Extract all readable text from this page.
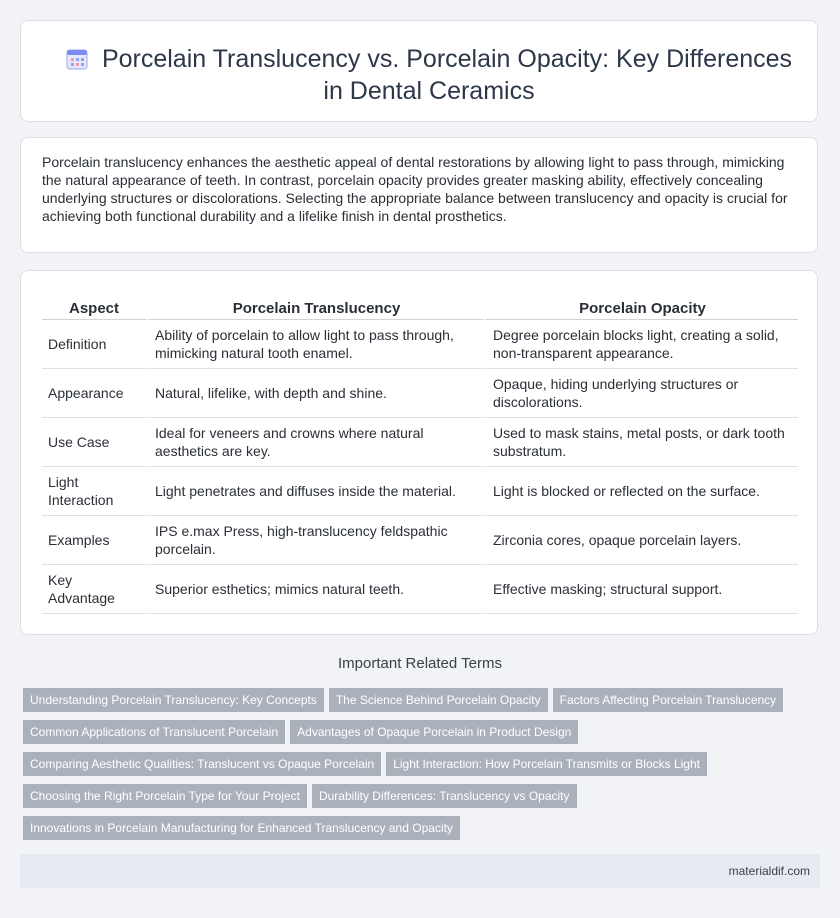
Porcelain Translucency vs. Porcelain Opacity: Key Differences in Dental Ceramics
Porcelain translucency enhances the aesthetic appeal of dental restorations by allowing light to pass through, mimicking the natural appearance of teeth. In contrast, porcelain opacity provides greater masking ability, effectively concealing underlying structures or discolorations. Selecting the appropriate balance between translucency and opacity is crucial for achieving both functional durability and a lifelike finish in dental prosthetics.
Aspect	Porcelain Translucency	Porcelain Opacity
Definition	Ability of porcelain to allow light to pass through, mimicking natural tooth enamel.	Degree porcelain blocks light, creating a solid, non-transparent appearance.
Appearance	Natural, lifelike, with depth and shine.	Opaque, hiding underlying structures or discolorations.
Use Case	Ideal for veneers and crowns where natural aesthetics are key.	Used to mask stains, metal posts, or dark tooth substratum.
Light Interaction	Light penetrates and diffuses inside the material.	Light is blocked or reflected on the surface.
Examples	IPS e.max Press, high-translucency feldspathic porcelain.	Zirconia cores, opaque porcelain layers.
Key Advantage	Superior esthetics; mimics natural teeth.	Effective masking; structural support.
Important Related Terms
Understanding Porcelain Translucency: Key Concepts The Science Behind Porcelain Opacity Factors Affecting Porcelain Translucency
Common Applications of Translucent Porcelain Advantages of Opaque Porcelain in Product Design
Comparing Aesthetic Qualities: Translucent vs Opaque Porcelain Light Interaction: How Porcelain Transmits or Blocks Light
Choosing the Right Porcelain Type for Your Project Durability Differences: Translucency vs Opacity
Innovations in Porcelain Manufacturing for Enhanced Translucency and Opacity
materialdif.com
